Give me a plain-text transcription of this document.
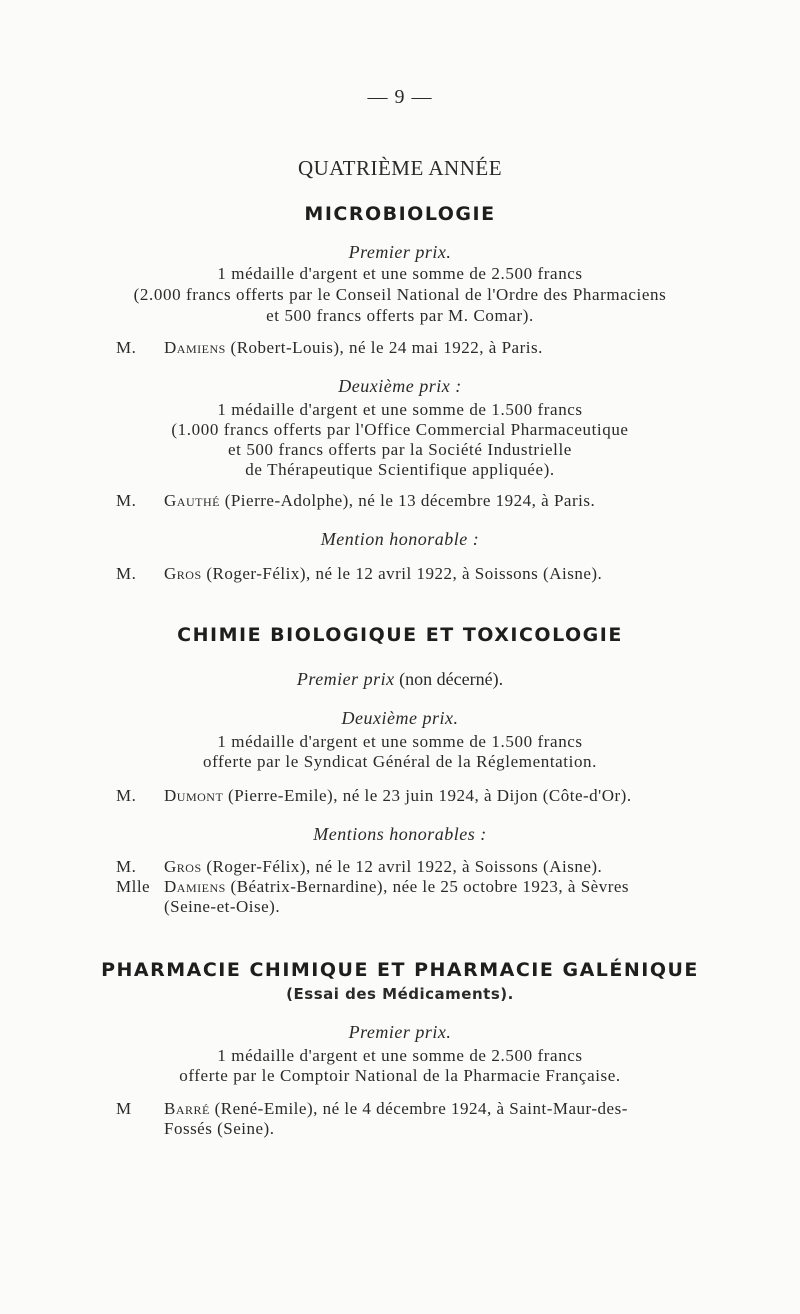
— 9 —
QUATRIÈME ANNÉE
MICROBIOLOGIE
Premier prix.
1 médaille d'argent et une somme de 2.500 francs
(2.000 francs offerts par le Conseil National de l'Ordre des Pharmaciens
et 500 francs offerts par M. Comar).
M. Damiens (Robert-Louis), né le 24 mai 1922, à Paris.
Deuxième prix :
1 médaille d'argent et une somme de 1.500 francs
(1.000 francs offerts par l'Office Commercial Pharmaceutique
et 500 francs offerts par la Société Industrielle
de Thérapeutique Scientifique appliquée).
M. Gauthé (Pierre-Adolphe), né le 13 décembre 1924, à Paris.
Mention honorable :
M. Gros (Roger-Félix), né le 12 avril 1922, à Soissons (Aisne).
CHIMIE BIOLOGIQUE ET TOXICOLOGIE
Premier prix (non décerné).
Deuxième prix.
1 médaille d'argent et une somme de 1.500 francs
offerte par le Syndicat Général de la Réglementation.
M. Dumont (Pierre-Emile), né le 23 juin 1924, à Dijon (Côte-d'Or).
Mentions honorables :
M. Gros (Roger-Félix), né le 12 avril 1922, à Soissons (Aisne).
Mlle Damiens (Béatrix-Bernardine), née le 25 octobre 1923, à Sèvres
(Seine-et-Oise).
PHARMACIE CHIMIQUE ET PHARMACIE GALÉNIQUE
(Essai des Médicaments).
Premier prix.
1 médaille d'argent et une somme de 2.500 francs
offerte par le Comptoir National de la Pharmacie Française.
M Barré (René-Emile), né le 4 décembre 1924, à Saint-Maur-des-
Fossés (Seine).
